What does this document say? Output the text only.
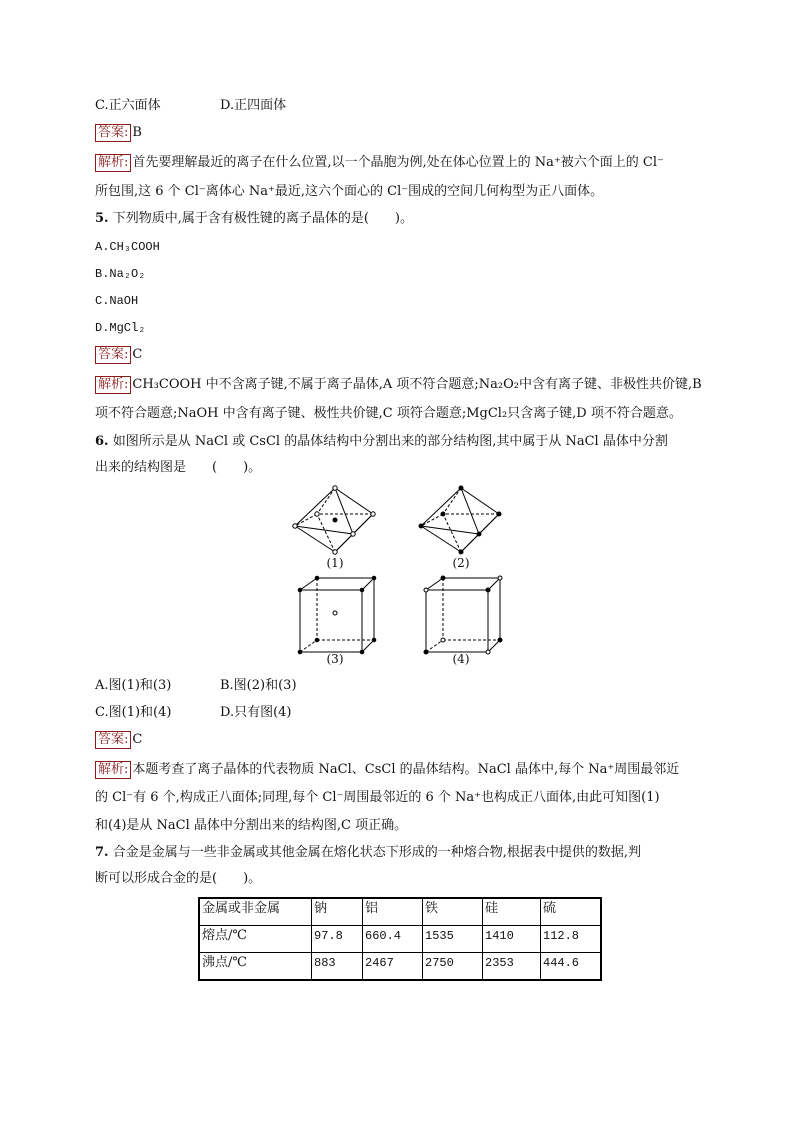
C.正六面体	D.正四面体
答案: B
解析: 首先要理解最近的离子在什么位置,以一个晶胞为例,处在体心位置上的 Na⁺被六个面上的 Cl⁻
所包围,这 6 个 Cl⁻离体心 Na⁺最近,这六个面心的 Cl⁻围成的空间几何构型为正八面体。
5. 下列物质中,属于含有极性键的离子晶体的是(　　)。
A.CH₃COOH
B.Na₂O₂
C.NaOH
D.MgCl₂
答案: C
解析: CH₃COOH 中不含离子键,不属于离子晶体,A 项不符合题意;Na₂O₂中含有离子键、非极性共价键,B
项不符合题意;NaOH 中含有离子键、极性共价键,C 项符合题意;MgCl₂只含离子键,D 项不符合题意。
6. 如图所示是从 NaCl 或 CsCl 的晶体结构中分割出来的部分结构图,其中属于从 NaCl 晶体中分割
出来的结构图是　　(　　)。
(1)	(2)
(3)	(4)
A.图(1)和(3)	B.图(2)和(3)
C.图(1)和(4)	D.只有图(4)
答案: C
解析: 本题考查了离子晶体的代表物质 NaCl、CsCl 的晶体结构。NaCl 晶体中,每个 Na⁺周围最邻近
的 Cl⁻有 6 个,构成正八面体;同理,每个 Cl⁻周围最邻近的 6 个 Na⁺也构成正八面体,由此可知图(1)
和(4)是从 NaCl 晶体中分割出来的结构图,C 项正确。
7. 合金是金属与一些非金属或其他金属在熔化状态下形成的一种熔合物,根据表中提供的数据,判
断可以形成合金的是(　　)。
金属或非金属	钠	铝	铁	硅	硫
熔点/℃	97.8	660.4	1535	1410	112.8
沸点/℃	883	2467	2750	2353	444.6
